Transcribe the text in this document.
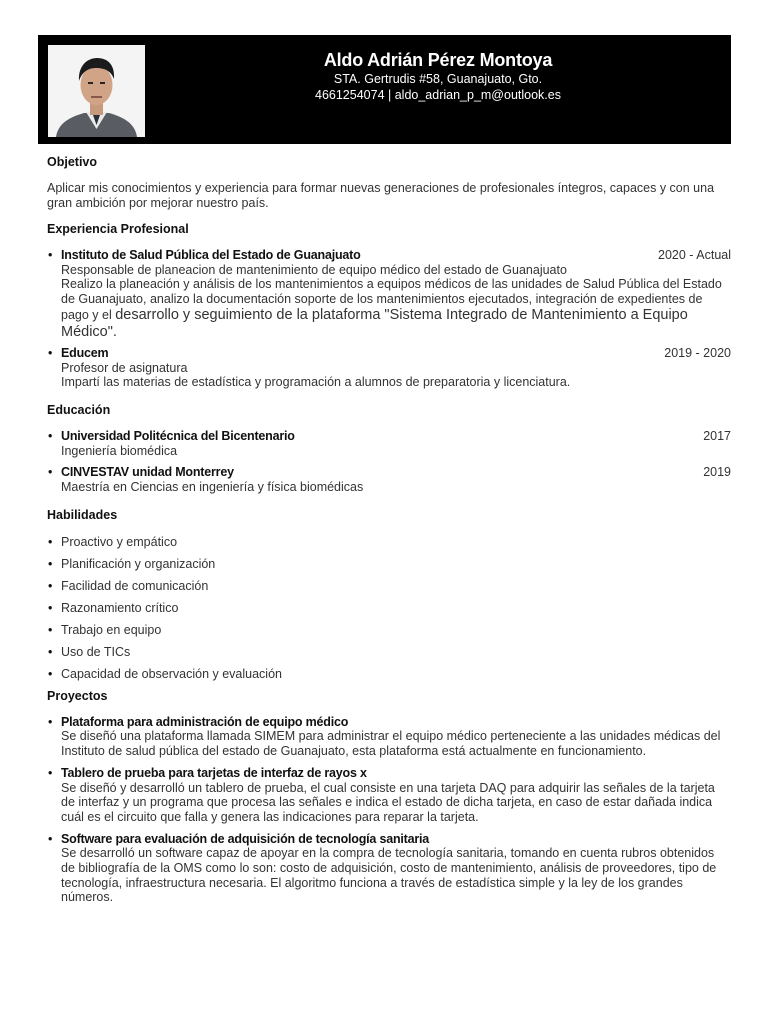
Aldo Adrián Pérez Montoya
STA. Gertrudis #58, Guanajuato, Gto.
4661254074 | aldo_adrian_p_m@outlook.es
Objetivo
Aplicar mis conocimientos y experiencia para formar nuevas generaciones de profesionales íntegros, capaces y con una gran ambición por mejorar nuestro país.
Experiencia Profesional
• Instituto de Salud Pública del Estado de Guanajuato	2020 - Actual
Responsable de planeacion de mantenimiento de equipo médico del estado de Guanajuato
Realizo la planeación y análisis de los mantenimientos a equipos médicos de las unidades de Salud Pública del Estado de Guanajuato, analizo la documentación soporte de los mantenimientos ejecutados, integración de expedientes de pago y el desarrollo y seguimiento de la plataforma "Sistema Integrado de Mantenimiento a Equipo Médico".
• Educem	2019 - 2020
Profesor de asignatura
Impartí las materias de estadística y programación a alumnos de preparatoria y licenciatura.
Educación
• Universidad Politécnica del Bicentenario	2017
Ingeniería biomédica
• CINVESTAV unidad Monterrey	2019
Maestría en Ciencias en ingeniería y física biomédicas
Habilidades
• Proactivo y empático
• Planificación y organización
• Facilidad de comunicación
• Razonamiento crítico
• Trabajo en equipo
• Uso de TICs
• Capacidad de observación y evaluación
Proyectos
• Plataforma para administración de equipo médico
Se diseñó una plataforma llamada SIMEM para administrar el equipo médico perteneciente a las unidades médicas del Instituto de salud pública del estado de Guanajuato, esta plataforma está actualmente en funcionamiento.
• Tablero de prueba para tarjetas de interfaz de rayos x
Se diseñó y desarrolló un tablero de prueba, el cual consiste en una tarjeta DAQ para adquirir las señales de la tarjeta de interfaz y un programa que procesa las señales e indica el estado de dicha tarjeta, en caso de estar dañada indica cuál es el circuito que falla y genera las indicaciones para reparar la tarjeta.
• Software para evaluación de adquisición de tecnología sanitaria
Se desarrolló un software capaz de apoyar en la compra de tecnología sanitaria, tomando en cuenta rubros obtenidos de bibliografía de la OMS como lo son: costo de adquisición, costo de mantenimiento, análisis de proveedores, tipo de tecnología, infraestructura necesaria. El algoritmo funciona a través de estadística simple y la ley de los grandes números.
